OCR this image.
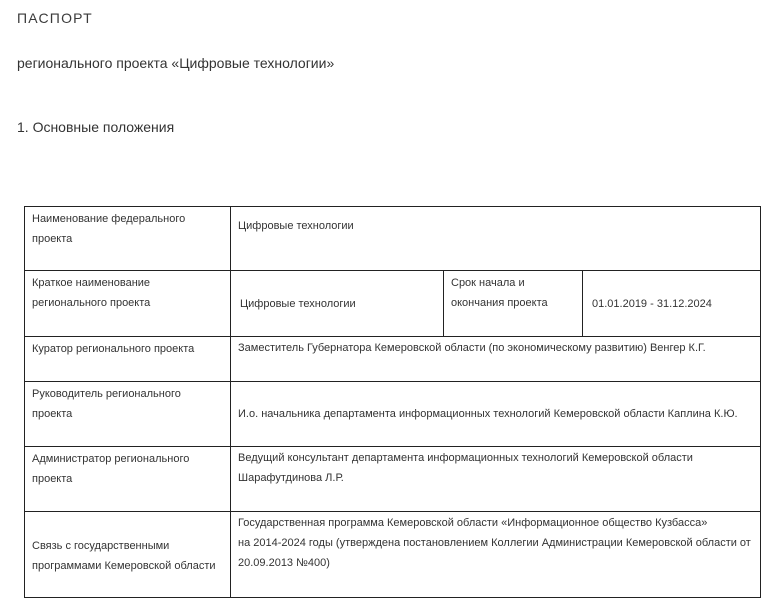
ПАСПОРТ
регионального проекта «Цифровые технологии»
1. Основные положения
Наименование федерального проекта	Цифровые технологии		

Краткое наименование регионального проекта	Цифровые технологии	Срок начала и окончания проекта	01.01.2019 - 31.12.2024

Куратор регионального проекта	Заместитель Губернатора Кемеровской области (по экономическому развитию) Венгер К.Г.		

Руководитель регионального проекта	И.о. начальника департамента информационных технологий Кемеровской области Каплина К.Ю.		

Администратор регионального проекта	Ведущий консультант департамента информационных технологий Кемеровской области Шарафутдинова Л.Р.		

Связь с государственными программами Кемеровской области	Государственная программа Кемеровской области «Информационное общество Кузбасса»
на 2014-2024 годы (утверждена постановлением Коллегии Администрации Кемеровской области от 20.09.2013 №400)		
